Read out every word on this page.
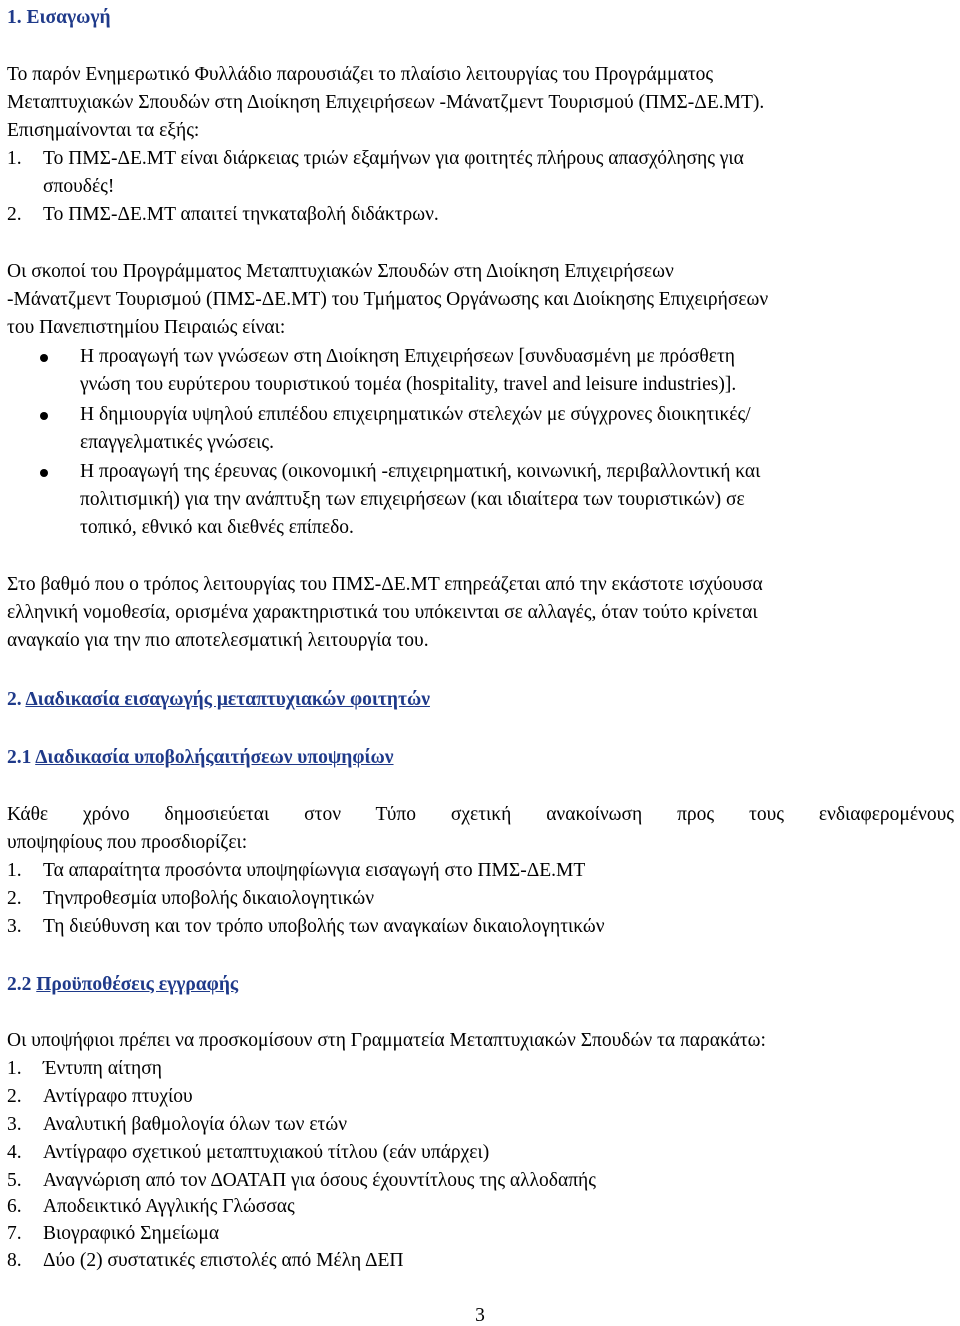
1. Εισαγωγή
Το παρόν Ενημερωτικό Φυλλάδιο παρουσιάζει το πλαίσιο λειτουργίας του Προγράμματος
Μεταπτυχιακών Σπουδών στη Διοίκηση Επιχειρήσεων -Μάνατζμεντ Τουρισμού (ΠΜΣ-ΔΕ.ΜΤ).
Επισημαίνονται τα εξής:
1. Το ΠΜΣ-ΔΕ.ΜΤ είναι διάρκειας τριών εξαμήνων για φοιτητές πλήρους απασχόλησης για
σπουδές!
2. Το ΠΜΣ-ΔΕ.ΜΤ απαιτεί τηνκαταβολή διδάκτρων.
Οι σκοποί του Προγράμματος Μεταπτυχιακών Σπουδών στη Διοίκηση Επιχειρήσεων
-Μάνατζμεντ Τουρισμού (ΠΜΣ-ΔΕ.ΜΤ) του Τμήματος Οργάνωσης και Διοίκησης Επιχειρήσεων
του Πανεπιστημίου Πειραιώς είναι:
Η προαγωγή των γνώσεων στη Διοίκηση Επιχειρήσεων [συνδυασμένη με πρόσθετη
γνώση του ευρύτερου τουριστικού τομέα (hospitality, travel and leisure industries)].
Η δημιουργία υψηλού επιπέδου επιχειρηματικών στελεχών με σύγχρονες διοικητικές/
επαγγελματικές γνώσεις.
Η προαγωγή της έρευνας (οικονομική -επιχειρηματική, κοινωνική, περιβαλλοντική και
πολιτισμική) για την ανάπτυξη των επιχειρήσεων (και ιδιαίτερα των τουριστικών) σε
τοπικό, εθνικό και διεθνές επίπεδο.
Στο βαθμό που ο τρόπος λειτουργίας του ΠΜΣ-ΔΕ.ΜΤ επηρεάζεται από την εκάστοτε ισχύουσα
ελληνική νομοθεσία, ορισμένα χαρακτηριστικά του υπόκεινται σε αλλαγές, όταν τούτο κρίνεται
αναγκαίο για την πιο αποτελεσματική λειτουργία του.
2. Διαδικασία εισαγωγής μεταπτυχιακών φοιτητών
2.1 Διαδικασία υποβολήςαιτήσεων υποψηφίων
Κάθε χρόνο δημοσιεύεται στον Τύπο σχετική ανακοίνωση προς τους ενδιαφερομένους
υποψηφίους που προσδιορίζει:
1. Τα απαραίτητα προσόντα υποψηφίωνγια εισαγωγή στο ΠΜΣ-ΔΕ.ΜΤ
2. Τηνπροθεσμία υποβολής δικαιολογητικών
3. Τη διεύθυνση και τον τρόπο υποβολής των αναγκαίων δικαιολογητικών
2.2 Προϋποθέσεις εγγραφής
Οι υποψήφιοι πρέπει να προσκομίσουν στη Γραμματεία Μεταπτυχιακών Σπουδών τα παρακάτω:
1. Έντυπη αίτηση
2. Αντίγραφο πτυχίου
3. Αναλυτική βαθμολογία όλων των ετών
4. Αντίγραφο σχετικού μεταπτυχιακού τίτλου (εάν υπάρχει)
5. Αναγνώριση από τον ΔΟΑΤΑΠ για όσους έχουντίτλους της αλλοδαπής
6. Αποδεικτικό Αγγλικής Γλώσσας
7. Βιογραφικό Σημείωμα
8. Δύο (2) συστατικές επιστολές από Μέλη ΔΕΠ
3
